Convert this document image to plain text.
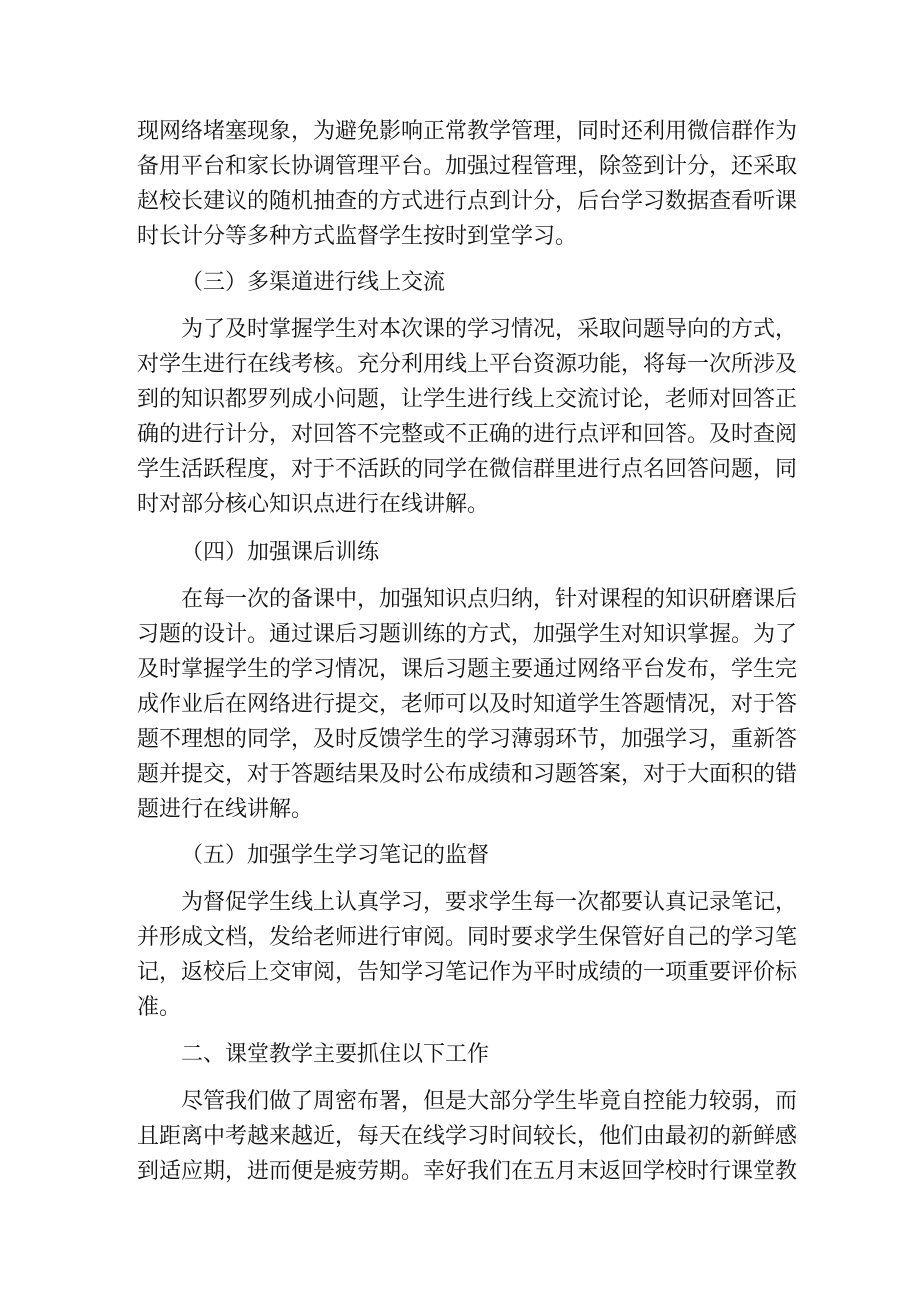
现网络堵塞现象，为避免影响正常教学管理，同时还利用微信群作为
备用平台和家长协调管理平台。加强过程管理，除签到计分，还采取
赵校长建议的随机抽查的方式进行点到计分，后台学习数据查看听课
时长计分等多种方式监督学生按时到堂学习。
（三）多渠道进行线上交流
为了及时掌握学生对本次课的学习情况，采取问题导向的方式，
对学生进行在线考核。充分利用线上平台资源功能，将每一次所涉及
到的知识都罗列成小问题，让学生进行线上交流讨论，老师对回答正
确的进行计分，对回答不完整或不正确的进行点评和回答。及时查阅
学生活跃程度，对于不活跃的同学在微信群里进行点名回答问题，同
时对部分核心知识点进行在线讲解。
（四）加强课后训练
在每一次的备课中，加强知识点归纳，针对课程的知识研磨课后
习题的设计。通过课后习题训练的方式，加强学生对知识掌握。为了
及时掌握学生的学习情况，课后习题主要通过网络平台发布，学生完
成作业后在网络进行提交，老师可以及时知道学生答题情况，对于答
题不理想的同学，及时反馈学生的学习薄弱环节，加强学习，重新答
题并提交，对于答题结果及时公布成绩和习题答案，对于大面积的错
题进行在线讲解。
（五）加强学生学习笔记的监督
为督促学生线上认真学习，要求学生每一次都要认真记录笔记，
并形成文档，发给老师进行审阅。同时要求学生保管好自己的学习笔
记，返校后上交审阅，告知学习笔记作为平时成绩的一项重要评价标
准。
二、课堂教学主要抓住以下工作
尽管我们做了周密布署，但是大部分学生毕竟自控能力较弱，而
且距离中考越来越近，每天在线学习时间较长，他们由最初的新鲜感
到适应期，进而便是疲劳期。幸好我们在五月末返回学校时行课堂教
